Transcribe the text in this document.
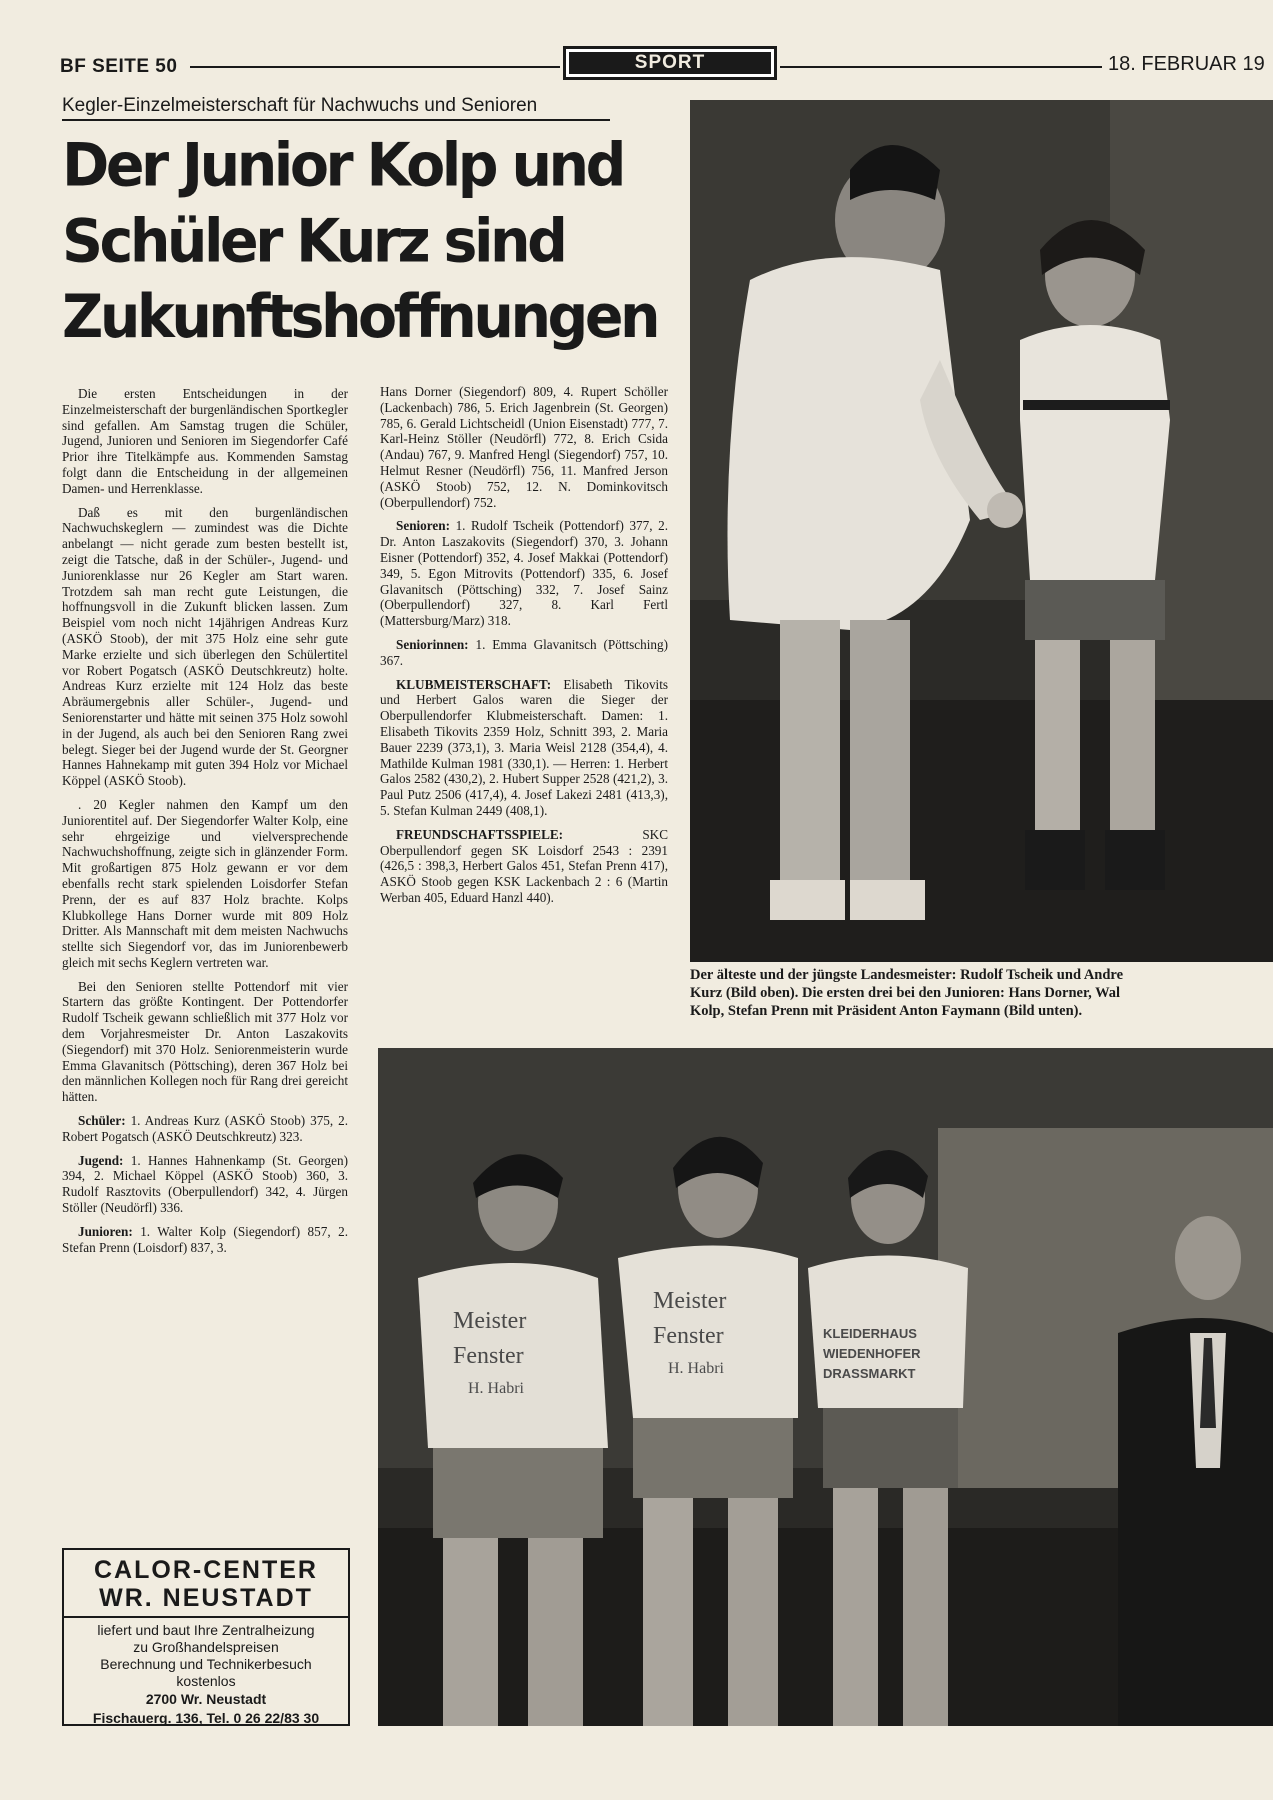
BF SEITE 50	SPORT	18. FEBRUAR 19
Kegler-Einzelmeisterschaft für Nachwuchs und Senioren
Der Junior Kolp und
Schüler Kurz sind
Zukunftshoffnungen

Die ersten Entscheidungen in der Einzelmeisterschaft der burgenländischen Sportkegler sind gefallen. Am Samstag trugen die Schüler, Jugend, Junioren und Senioren im Siegendorfer Café Prior ihre Titelkämpfe aus. Kommenden Samstag folgt dann die Entscheidung in der allgemeinen Damen- und Herrenklasse.

Daß es mit den burgenländischen Nachwuchskeglern — zumindest was die Dichte anbelangt — nicht gerade zum besten bestellt ist, zeigt die Tatsche, daß in der Schüler-, Jugend- und Juniorenklasse nur 26 Kegler am Start waren. Trotzdem sah man recht gute Leistungen, die hoffnungsvoll in die Zukunft blicken lassen. Zum Beispiel vom noch nicht 14jährigen Andreas Kurz (ASKÖ Stoob), der mit 375 Holz eine sehr gute Marke erzielte und sich überlegen den Schülertitel vor Robert Pogatsch (ASKÖ Deutschkreutz) holte. Andreas Kurz erzielte mit 124 Holz das beste Abräumergebnis aller Schüler-, Jugend- und Seniorenstarter und hätte mit seinen 375 Holz sowohl in der Jugend, als auch bei den Senioren Rang zwei belegt. Sieger bei der Jugend wurde der St. Georgner Hannes Hahnekamp mit guten 394 Holz vor Michael Köppel (ASKÖ Stoob).

. 20 Kegler nahmen den Kampf um den Juniorentitel auf. Der Siegendorfer Walter Kolp, eine sehr ehrgeizige und vielversprechende Nachwuchshoffnung, zeigte sich in glänzender Form. Mit großartigen 875 Holz gewann er vor dem ebenfalls recht stark spielenden Loisdorfer Stefan Prenn, der es auf 837 Holz brachte. Kolps Klubkollege Hans Dorner wurde mit 809 Holz Dritter. Als Mannschaft mit dem meisten Nachwuchs stellte sich Siegendorf vor, das im Juniorenbewerb gleich mit sechs Keglern vertreten war.

Bei den Senioren stellte Pottendorf mit vier Startern das größte Kontingent. Der Pottendorfer Rudolf Tscheik gewann schließlich mit 377 Holz vor dem Vorjahresmeister Dr. Anton Laszakovits (Siegendorf) mit 370 Holz. Seniorenmeisterin wurde Emma Glavanitsch (Pöttsching), deren 367 Holz bei den männlichen Kollegen noch für Rang drei gereicht hätten.

Schüler: 1. Andreas Kurz (ASKÖ Stoob) 375, 2. Robert Pogatsch (ASKÖ Deutschkreutz) 323.

Jugend: 1. Hannes Hahnenkamp (St. Georgen) 394, 2. Michael Köppel (ASKÖ Stoob) 360, 3. Rudolf Rasztovits (Oberpullendorf) 342, 4. Jürgen Stöller (Neudörfl) 336.

Junioren: 1. Walter Kolp (Siegendorf) 857, 2. Stefan Prenn (Loisdorf) 837, 3.

Hans Dorner (Siegendorf) 809, 4. Rupert Schöller (Lackenbach) 786, 5. Erich Jagenbrein (St. Georgen) 785, 6. Gerald Lichtscheidl (Union Eisenstadt) 777, 7. Karl-Heinz Stöller (Neudörfl) 772, 8. Erich Csida (Andau) 767, 9. Manfred Hengl (Siegendorf) 757, 10. Helmut Resner (Neudörfl) 756, 11. Manfred Jerson (ASKÖ Stoob) 752, 12. N. Dominkovitsch (Oberpullendorf) 752.

Senioren: 1. Rudolf Tscheik (Pottendorf) 377, 2. Dr. Anton Laszakovits (Siegendorf) 370, 3. Johann Eisner (Pottendorf) 352, 4. Josef Makkai (Pottendorf) 349, 5. Egon Mitrovits (Pottendorf) 335, 6. Josef Glavanitsch (Pöttsching) 332, 7. Josef Sainz (Oberpullendorf) 327, 8. Karl Fertl (Mattersburg/Marz) 318.

Seniorinnen: 1. Emma Glavanitsch (Pöttsching) 367.

KLUBMEISTERSCHAFT: Elisabeth Tikovits und Herbert Galos waren die Sieger der Oberpullendorfer Klubmeisterschaft. Damen: 1. Elisabeth Tikovits 2359 Holz, Schnitt 393, 2. Maria Bauer 2239 (373,1), 3. Maria Weisl 2128 (354,4), 4. Mathilde Kulman 1981 (330,1). — Herren: 1. Herbert Galos 2582 (430,2), 2. Hubert Supper 2528 (421,2), 3. Paul Putz 2506 (417,4), 4. Josef Lakezi 2481 (413,3), 5. Stefan Kulman 2449 (408,1).

FREUNDSCHAFTSSPIELE:	SKC Oberpullendorf gegen SK Loisdorf 2543 : 2391 (426,5 : 398,3, Herbert Galos 451, Stefan Prenn 417), ASKÖ Stoob gegen KSK Lackenbach 2 : 6 (Martin Werban 405, Eduard Hanzl 440).

Der älteste und der jüngste Landesmeister: Rudolf Tscheik und Andre
Kurz (Bild oben). Die ersten drei bei den Junioren: Hans Dorner, Wal
Kolp, Stefan Prenn mit Präsident Anton Faymann (Bild unten).
Meister
Fenster
H. Habri
Meister
Fenster
H. Habri
KLEIDERHAUS
WIEDENHOFER
DRASSMARKT
CALOR-CENTER
WR. NEUSTADT
liefert und baut Ihre Zentralheizung
zu Großhandelspreisen
Berechnung und Technikerbesuch
kostenlos
2700 Wr. Neustadt
Fischauerg. 136, Tel. 0 26 22/83 30
